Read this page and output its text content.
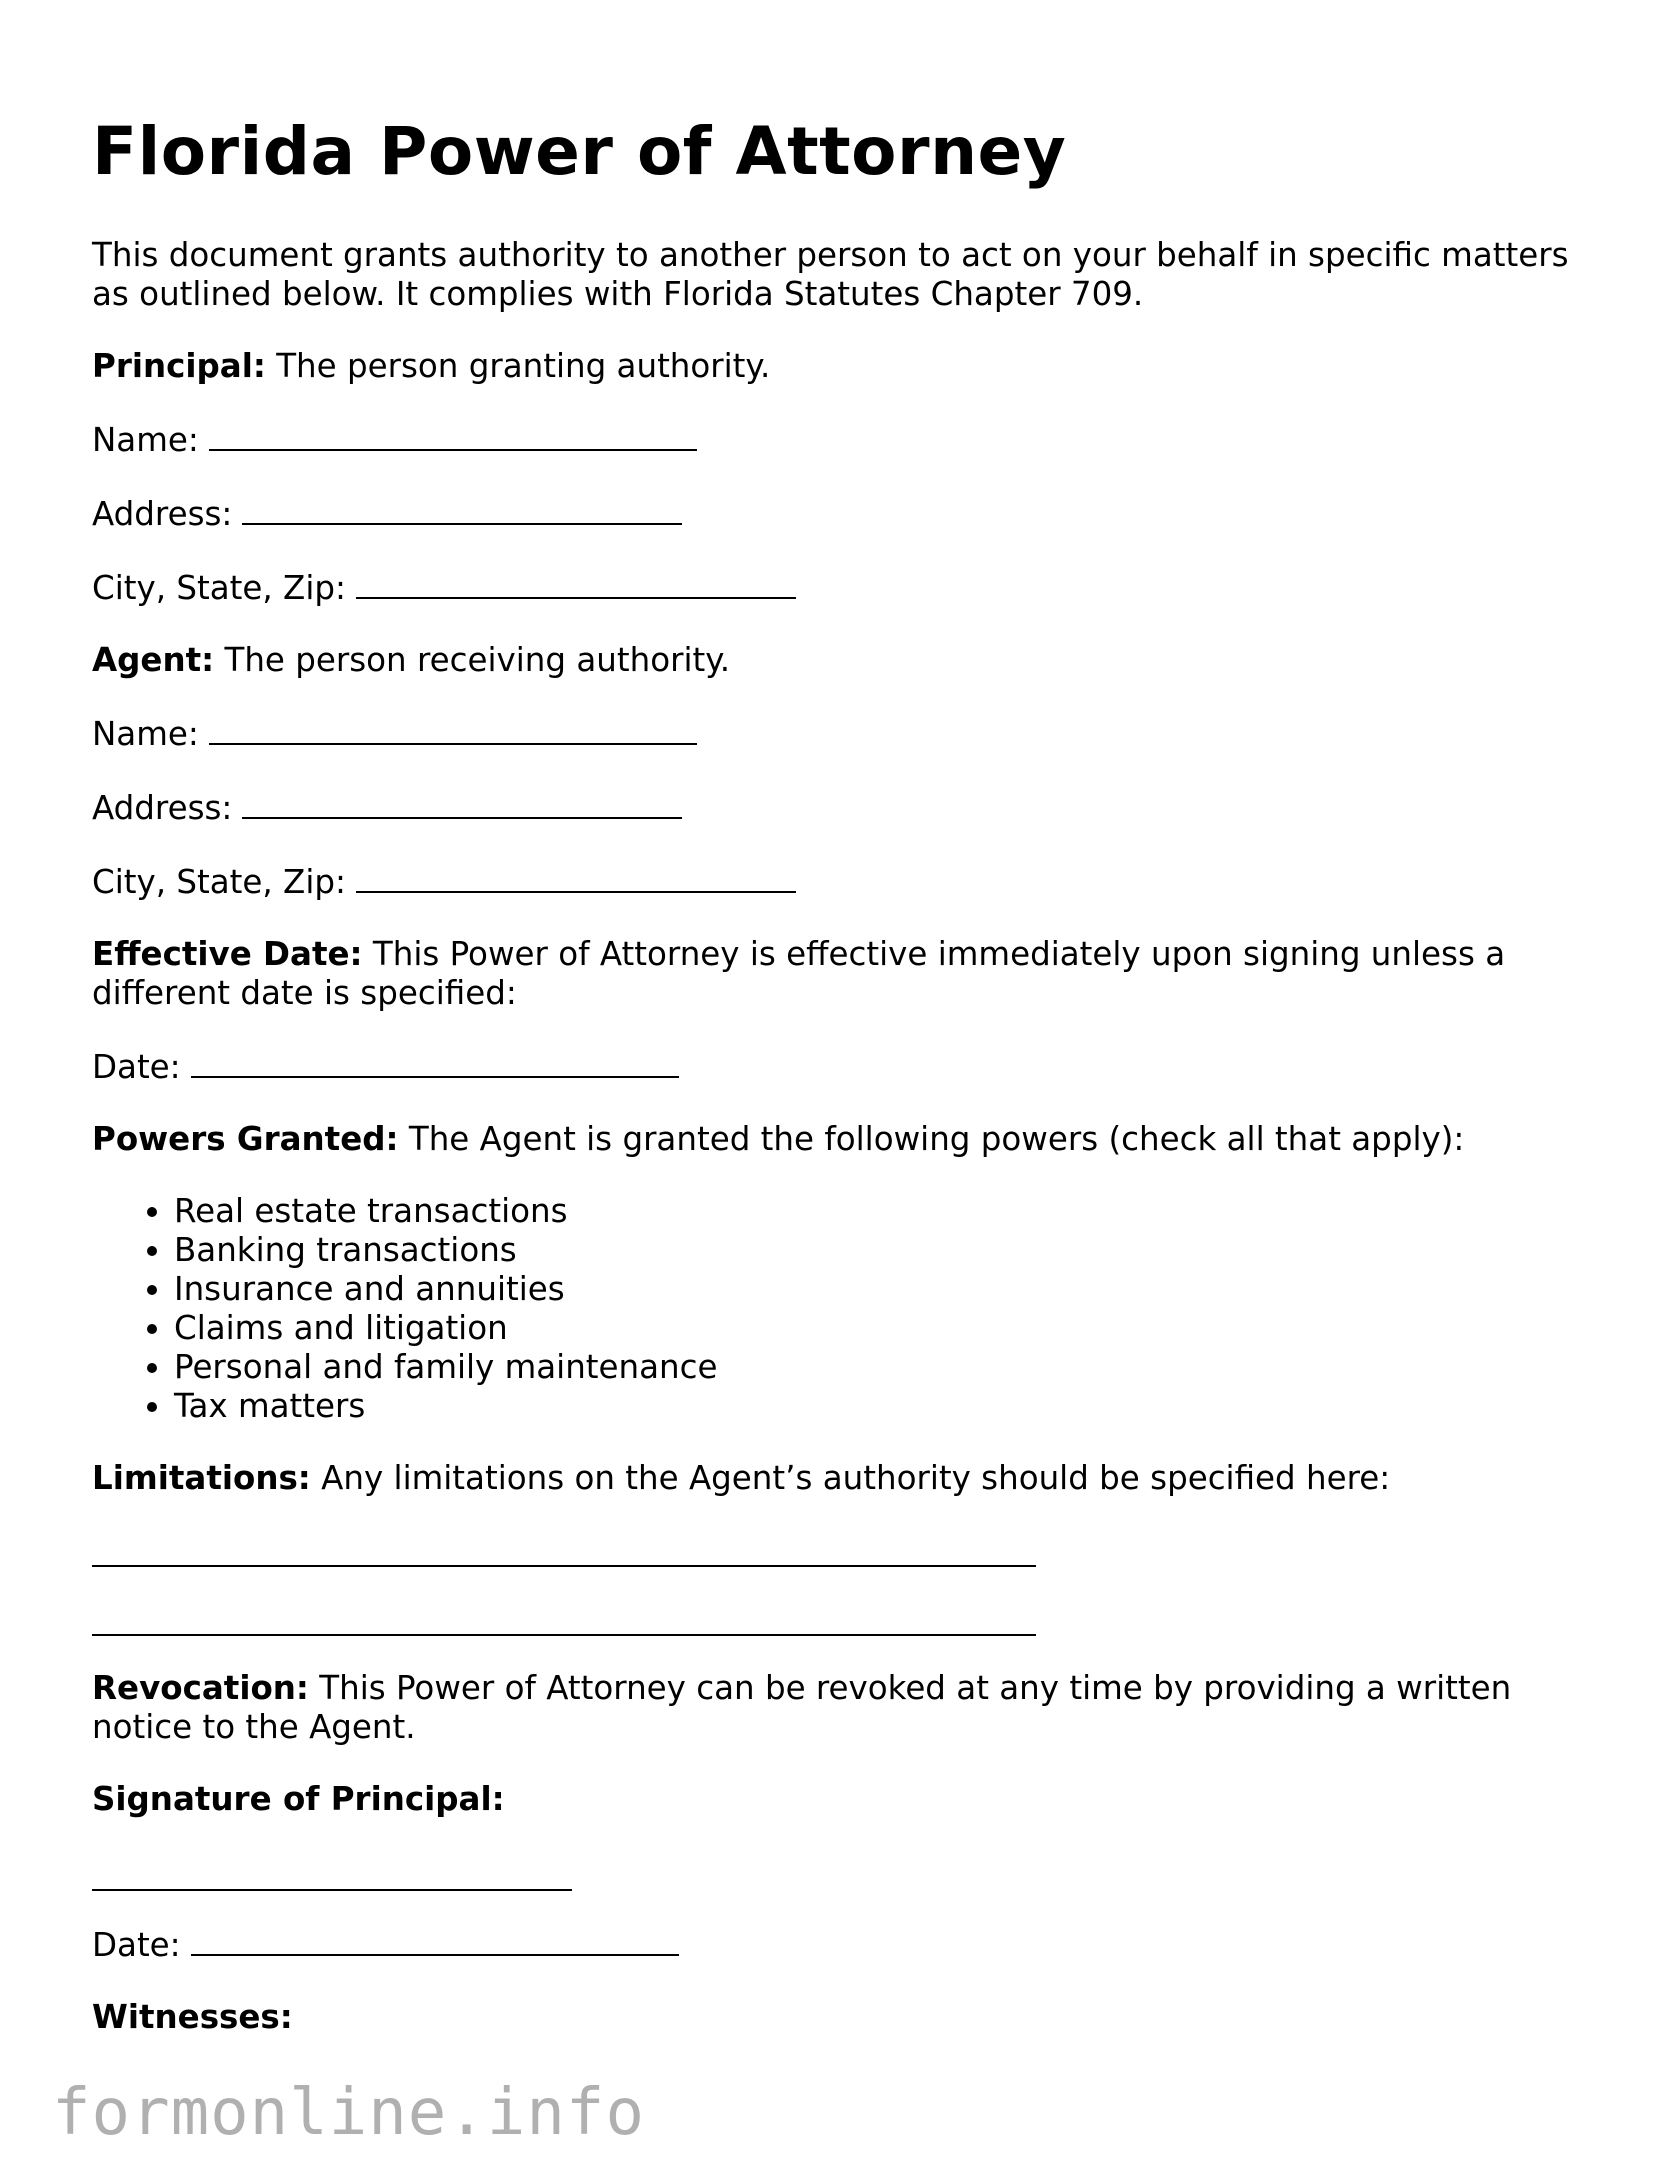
Florida Power of Attorney

This document grants authority to another person to act on your behalf in specific matters as outlined below. It complies with Florida Statutes Chapter 709.

Principal: The person granting authority.

Name:

Address:

City, State, Zip:

Agent: The person receiving authority.

Name:

Address:

City, State, Zip:

Effective Date: This Power of Attorney is effective immediately upon signing unless a different date is specified:

Date:

Powers Granted: The Agent is granted the following powers (check all that apply):

• Real estate transactions
• Banking transactions
• Insurance and annuities
• Claims and litigation
• Personal and family maintenance
• Tax matters

Limitations: Any limitations on the Agent’s authority should be specified here:

Revocation: This Power of Attorney can be revoked at any time by providing a written notice to the Agent.

Signature of Principal:

Date:

Witnesses:

formonline.info
